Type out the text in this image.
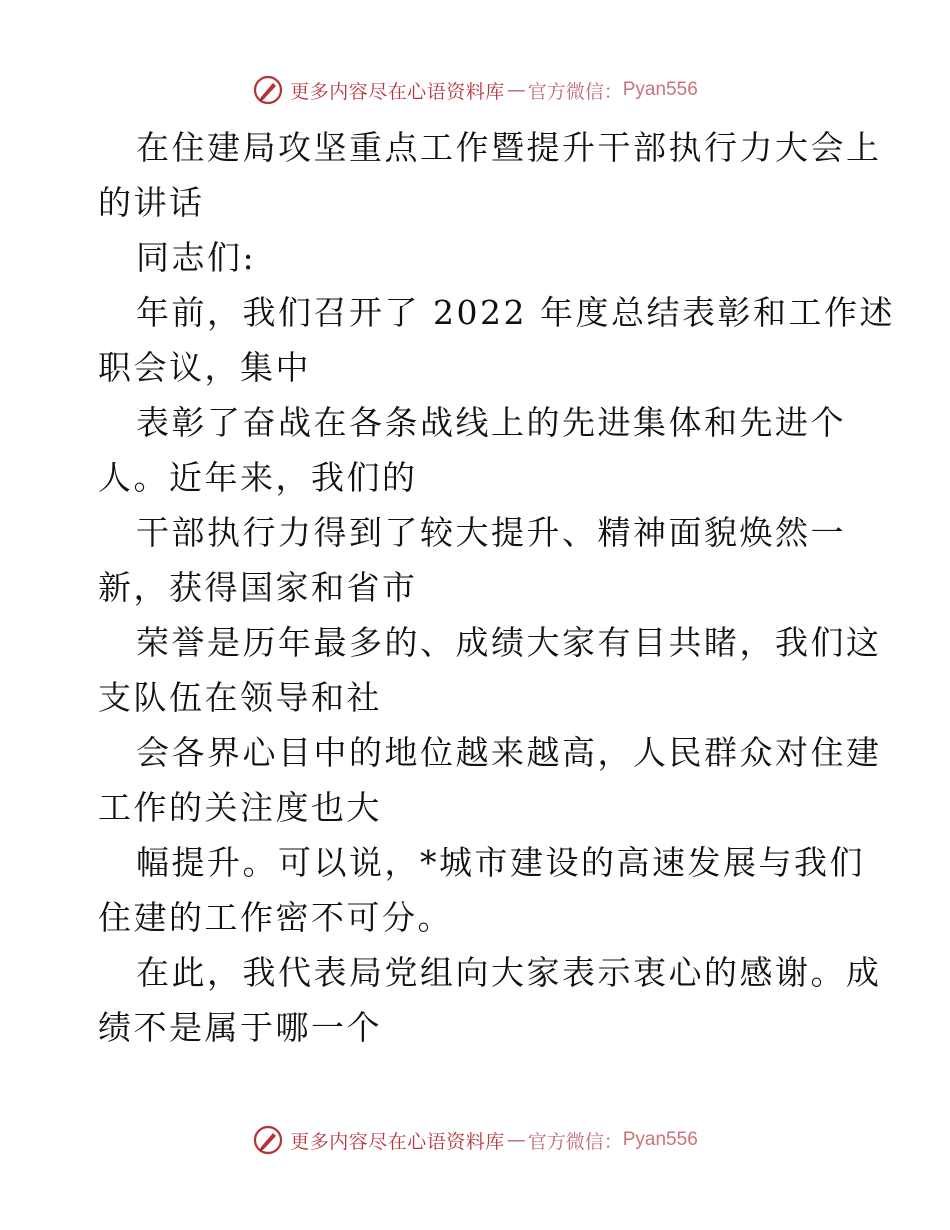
更多内容尽在心语资料库 — 官方微信： Pyan556
在住建局攻坚重点工作暨提升干部执行力大会上
的讲话
同志们:
年前，我们召开了 2022 年度总结表彰和工作述
职会议，集中
表彰了奋战在各条战线上的先进集体和先进个
人。近年来，我们的
干部执行力得到了较大提升、精神面貌焕然一
新，获得国家和省市
荣誉是历年最多的、成绩大家有目共睹，我们这
支队伍在领导和社
会各界心目中的地位越来越高，人民群众对住建
工作的关注度也大
幅提升。可以说，*城市建设的高速发展与我们
住建的工作密不可分。
在此，我代表局党组向大家表示衷心的感谢。成
绩不是属于哪一个
更多内容尽在心语资料库 — 官方微信： Pyan556
